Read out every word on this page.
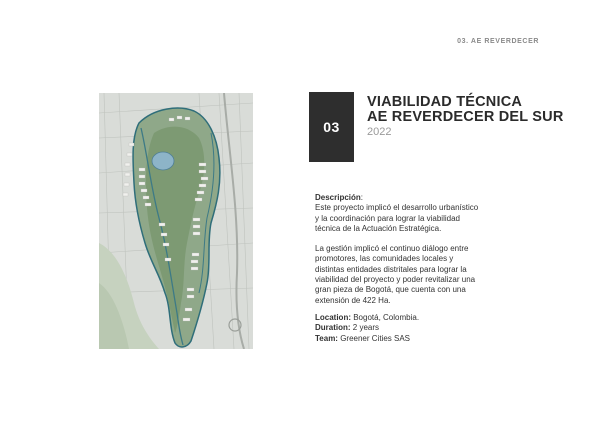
03. AE REVERDECER
03
VIABILIDAD TÉCNICA
AE REVERDECER DEL SUR
2022

Descripción:

Este proyecto implicó el desarrollo urbanístico

y la coordinación para lograr la viabilidad

técnica de la Actuación Estratégica.

La gestión implicó el continuo diálogo entre

promotores, las comunidades locales y

distintas entidades distritales para lograr la

viabilidad del proyecto y poder revitalizar una

gran pieza de Bogotá, que cuenta con una

extensión de 422 Ha.

Location: Bogotá, Colombia.
Duration: 2 years
Team: Greener Cities SAS
